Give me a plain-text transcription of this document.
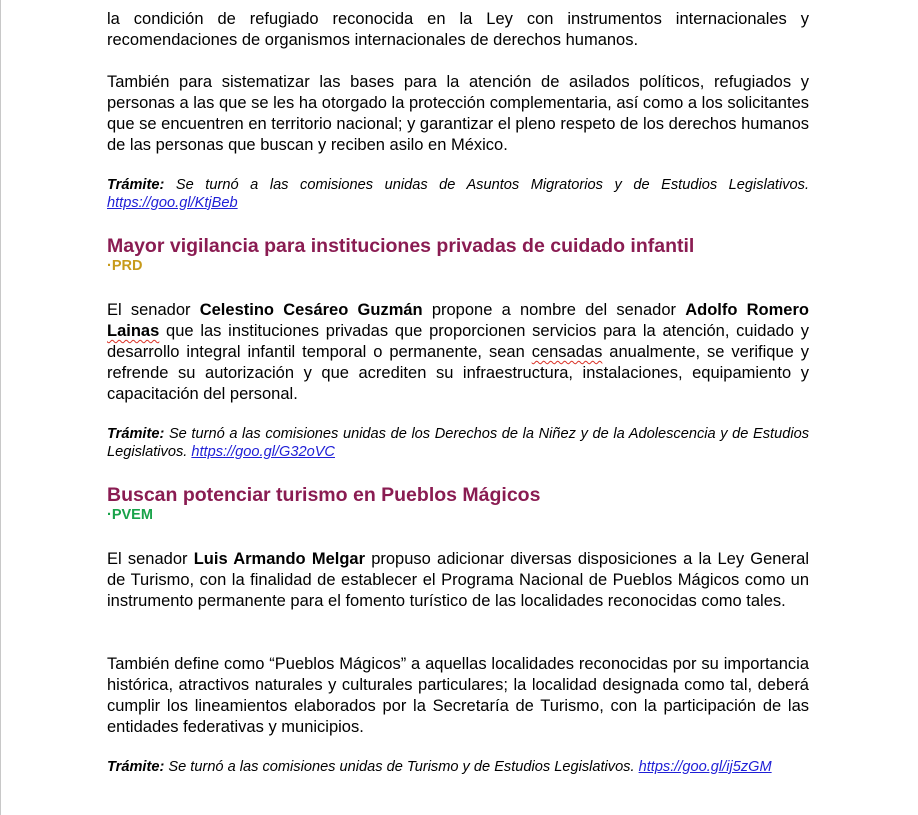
la condición de refugiado reconocida en la Ley con instrumentos internacionales y recomendaciones de organismos internacionales de derechos humanos.

También para sistematizar las bases para la atención de asilados políticos, refugiados y personas a las que se les ha otorgado la protección complementaria, así como a los solicitantes que se encuentren en territorio nacional; y garantizar el pleno respeto de los derechos humanos de las personas que buscan y reciben asilo en México.

Trámite: Se turnó a las comisiones unidas de Asuntos Migratorios y de Estudios Legislativos. https://goo.gl/KtjBeb

Mayor vigilancia para instituciones privadas de cuidado infantil

·PRD

El senador Celestino Cesáreo Guzmán propone a nombre del senador Adolfo Romero Lainas que las instituciones privadas que proporcionen servicios para la atención, cuidado y desarrollo integral infantil temporal o permanente, sean censadas anualmente, se verifique y refrende su autorización y que acrediten su infraestructura, instalaciones, equipamiento y capacitación del personal.

Trámite: Se turnó a las comisiones unidas de los Derechos de la Niñez y de la Adolescencia y de Estudios Legislativos. https://goo.gl/G32oVC

Buscan potenciar turismo en Pueblos Mágicos

·PVEM

El senador Luis Armando Melgar propuso adicionar diversas disposiciones a la Ley General de Turismo, con la finalidad de establecer el Programa Nacional de Pueblos Mágicos como un instrumento permanente para el fomento turístico de las localidades reconocidas como tales.

También define como “Pueblos Mágicos” a aquellas localidades reconocidas por su importancia histórica, atractivos naturales y culturales particulares; la localidad designada como tal, deberá cumplir los lineamientos elaborados por la Secretaría de Turismo, con la participación de las entidades federativas y municipios.

Trámite: Se turnó a las comisiones unidas de Turismo y de Estudios Legislativos. https://goo.gl/ij5zGM
